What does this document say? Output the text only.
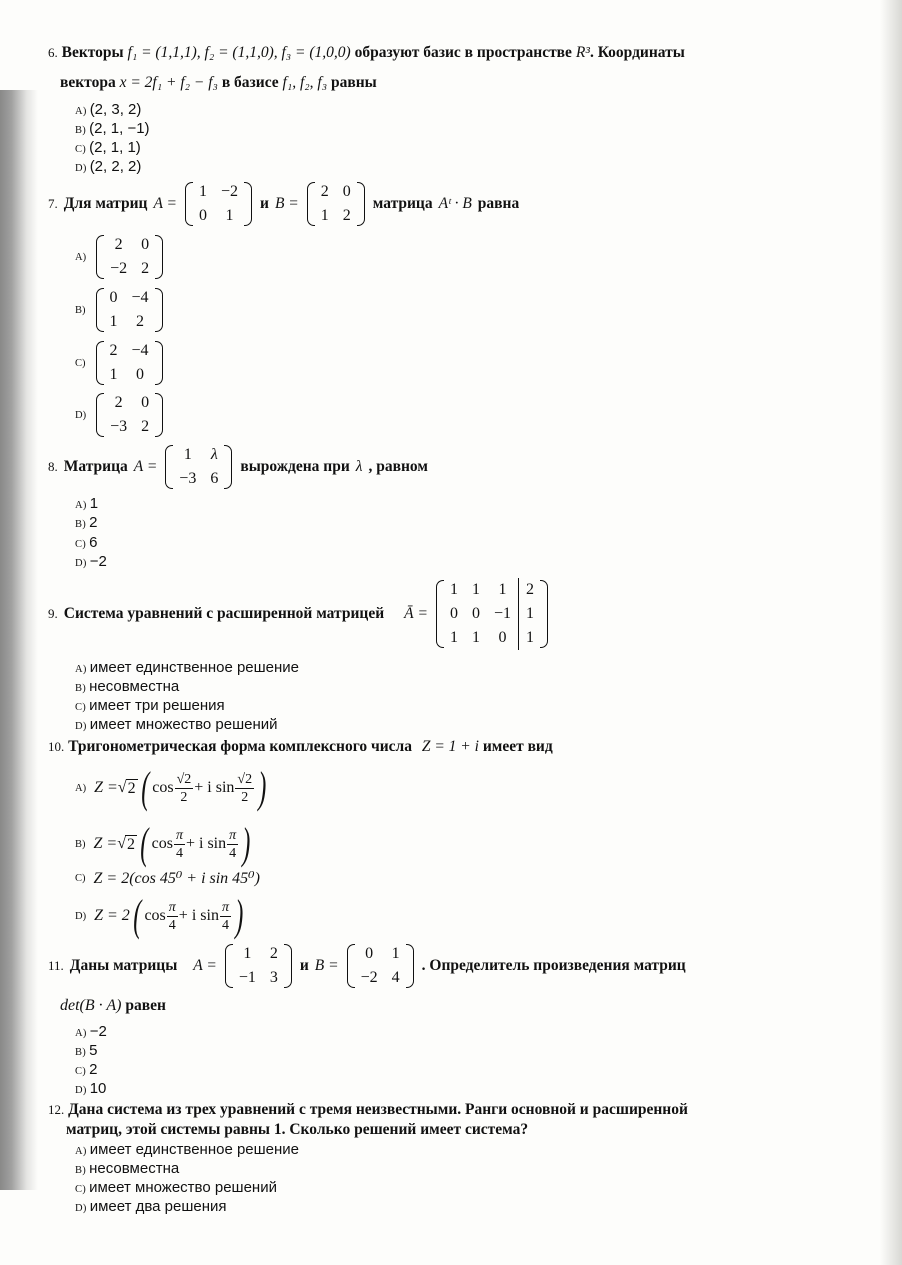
6. Векторы f₁ = (1,1,1), f₂ = (1,1,0), f₃ = (1,0,0) образуют базис в пространстве R³. Координаты
вектора x = 2f₁ + f₂ − f₃ в базисе f₁, f₂, f₃ равны
A) (2, 3, 2)
B) (2, 1, −1)
C) (2, 1, 1)
D) (2, 2, 2)
7. Для матриц A =
1	−2
0	1
и B =
2	0
1	2
матрица Aᵗ · B равна
A)
2	0
−2	2
B)
0	−4
1	2
C)
2	−4
1	0
D)
2	0
−3	2
8. Матрица A =
1	λ
−3	6
вырождена при λ , равном
A) 1
B) 2
C) 6
D) −2
9. Система уравнений с расширенной матрицей Ā =
1	1	1	2
0	0	−1	1
1	1	0	1
A) имеет единственное решение
B) несовместна
C) имеет три решения
D) имеет множество решений
10. Тригонометрическая форма комплексного числа Z = 1 + i имеет вид
A) Z = √ 2 ( $\cos \frac{√2}{2} + i$ $\sin \frac{√2}{2}$ )
B) Z = √ 2 ( $\cos \frac{\pi}{4} + i$ $\sin \frac{\pi}{4}$ )
C) Z = 2(cos 45⁰ + i sin 45⁰)
D) Z = 2 ( $\cos \frac{\pi}{4} + i$ $\sin \frac{\pi}{4}$ )
11. Даны матрицы A =
1	2
−1	3
и B =
0	1
−2	4
. Определитель произведения матриц
det(B · A) равен
A) −2
B) 5
C) 2
D) 10
12. Дана система из трех уравнений с тремя неизвестными. Ранги основной и расширенной
матриц, этой системы равны 1. Сколько решений имеет система?
A) имеет единственное решение
B) несовместна
C) имеет множество решений
D) имеет два решения
